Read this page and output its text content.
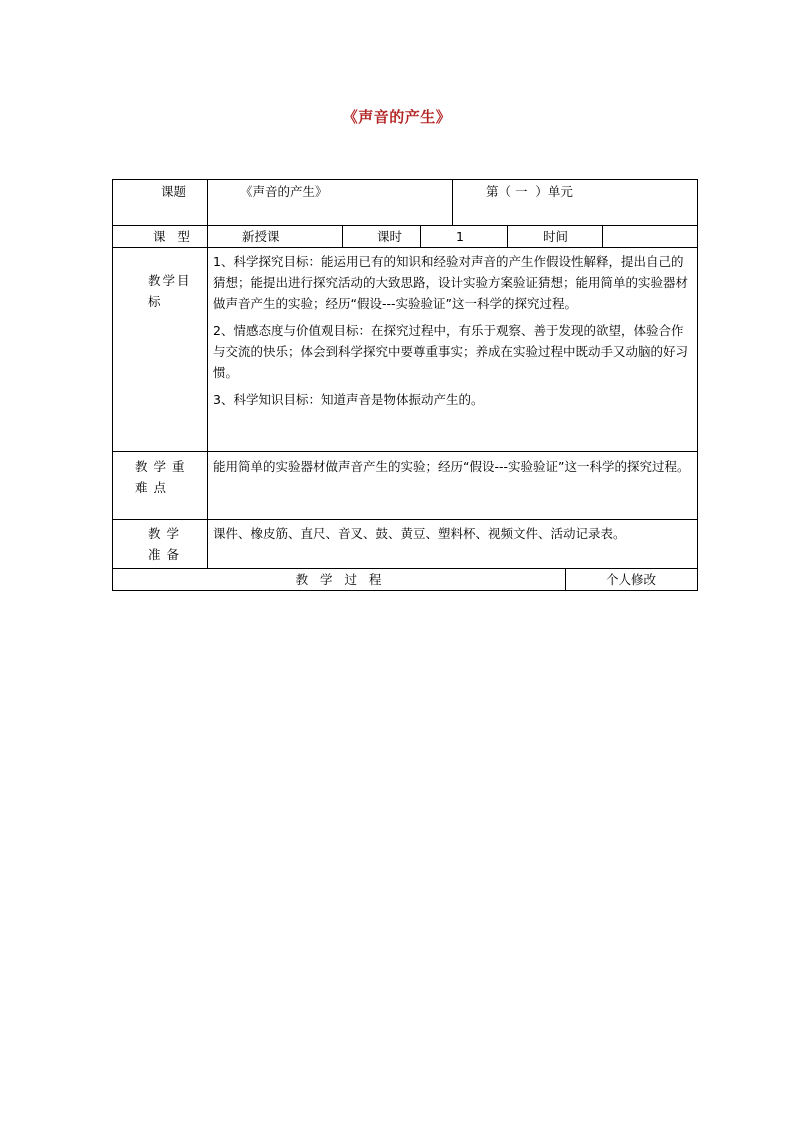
《声音的产生》
课题	《声音的产生》	第（ 一  ）单元
课   型	新授课	课时	1	时间
教学目标

1、科学探究目标：能运用已有的知识和经验对声音的产生作假设性解释，提出自己的猜想；能提出进行探究活动的大致思路，设计实验方案验证猜想；能用简单的实验器材做声音产生的实验；经历“假设---实验验证”这一科学的探究过程。

2、情感态度与价值观目标：在探究过程中，有乐于观察、善于发现的欲望，体验合作与交流的快乐；体会到科学探究中要尊重事实；养成在实验过程中既动手又动脑的好习惯。

3、科学知识目标：知道声音是物体振动产生的。

教学重难点
能用简单的实验器材做声音产生的实验；经历“假设---实验验证”这一科学的探究过程。
教学准备
课件、橡皮筋、直尺、音叉、鼓、黄豆、塑料杯、视频文件、活动记录表。
教   学   过   程	个人修改
